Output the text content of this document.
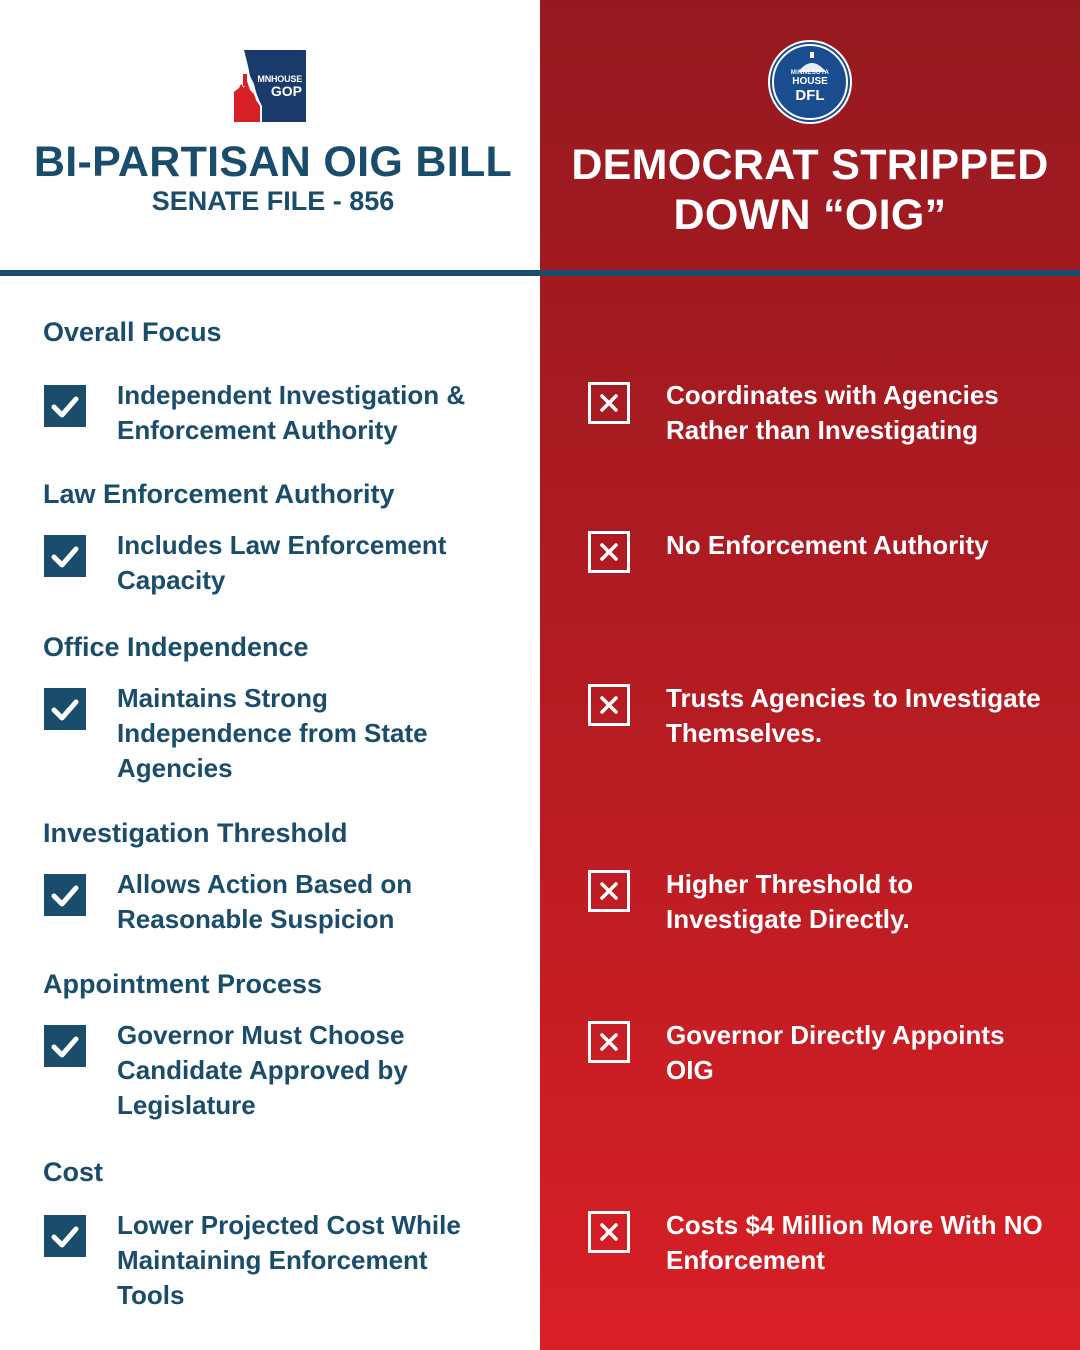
MNHOUSE
GOP
MINNESOTA
HOUSE
DFL
BI-PARTISAN OIG BILL
SENATE FILE - 856
DEMOCRAT STRIPPED
DOWN “OIG”
Overall Focus
Independent Investigation &
Enforcement Authority
Coordinates with Agencies
Rather than Investigating
Law Enforcement Authority
Includes Law Enforcement
Capacity
No Enforcement Authority
Office Independence
Maintains Strong
Independence from State
Agencies
Trusts Agencies to Investigate
Themselves.
Investigation Threshold
Allows Action Based on
Reasonable Suspicion
Higher Threshold to
Investigate Directly.
Appointment Process
Governor Must Choose
Candidate Approved by
Legislature
Governor Directly Appoints
OIG
Cost
Lower Projected Cost While
Maintaining Enforcement
Tools
Costs $4 Million More With NO
Enforcement
